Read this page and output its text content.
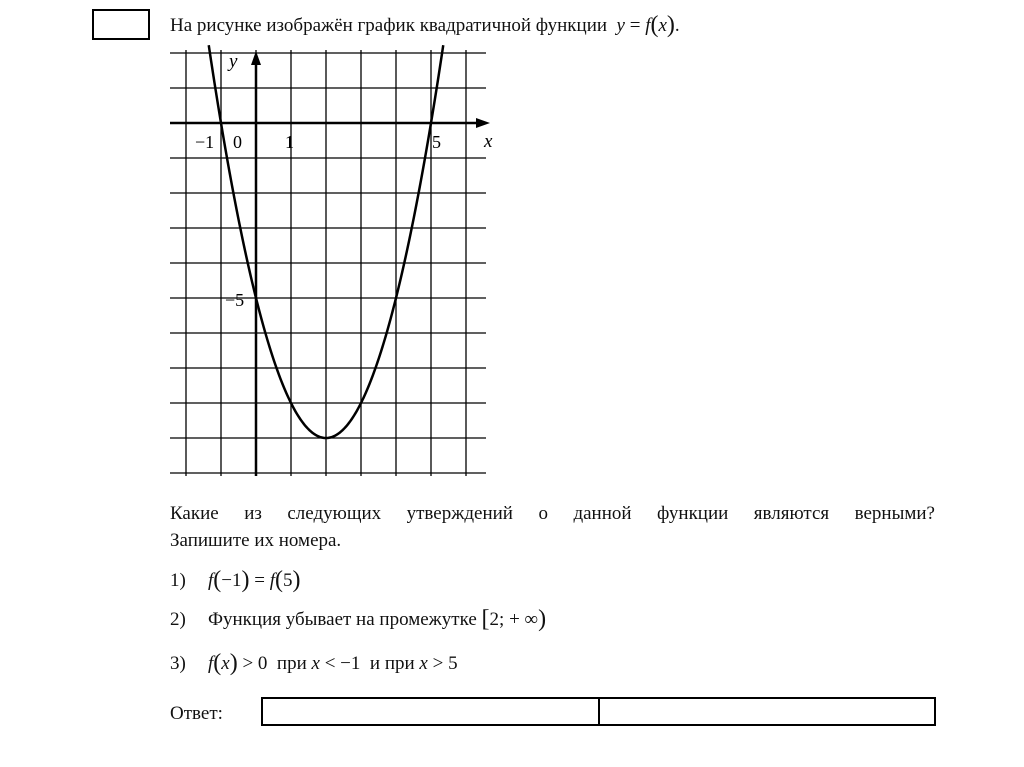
На рисунке изображён график квадратичной функции y = f(x).
y
x
−1 0 1	5
−5
Какие из следующих утверждений о данной функции являются верными?
Запишите их номера.
1) f(−1) = f(5)
2) Функция убывает на промежутке [2; + ∞)
3) f(x) > 0  при x < −1  и при x > 5
Ответ:
